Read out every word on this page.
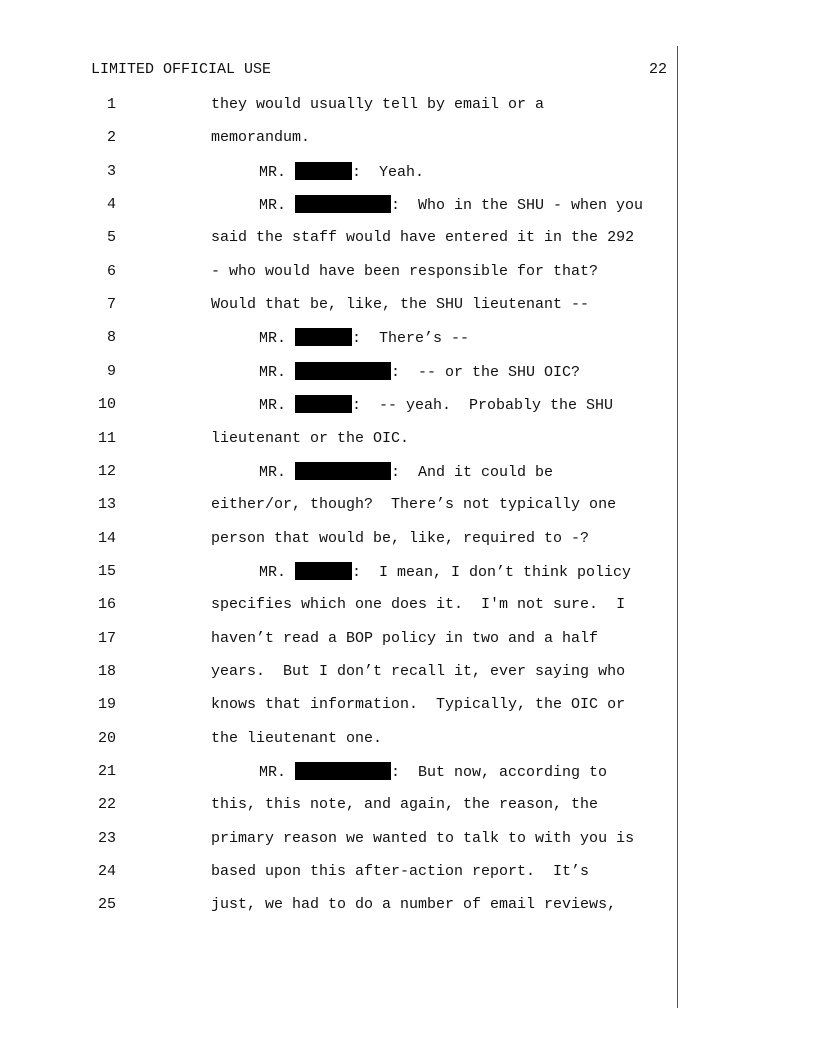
LIMITED OFFICIAL USE	22
1	they would usually tell by email or a
2	memorandum.
3	MR.	:  Yeah.
4	MR.	:  Who in the SHU - when you
5	said the staff would have entered it in the 292
6	- who would have been responsible for that?
7	Would that be, like, the SHU lieutenant --
8	MR.	:  There’s --
9	MR.	:  -- or the SHU OIC?
10	MR.	:  -- yeah.  Probably the SHU
11	lieutenant or the OIC.
12	MR.	:  And it could be
13	either/or, though?  There’s not typically one
14	person that would be, like, required to -?
15	MR.	:  I mean, I don’t think policy
16	specifies which one does it.  I'm not sure.  I
17	haven’t read a BOP policy in two and a half
18	years.  But I don’t recall it, ever saying who
19	knows that information.  Typically, the OIC or
20	the lieutenant one.
21	MR.	:  But now, according to
22	this, this note, and again, the reason, the
23	primary reason we wanted to talk to with you is
24	based upon this after-action report.  It’s
25	just, we had to do a number of email reviews,
